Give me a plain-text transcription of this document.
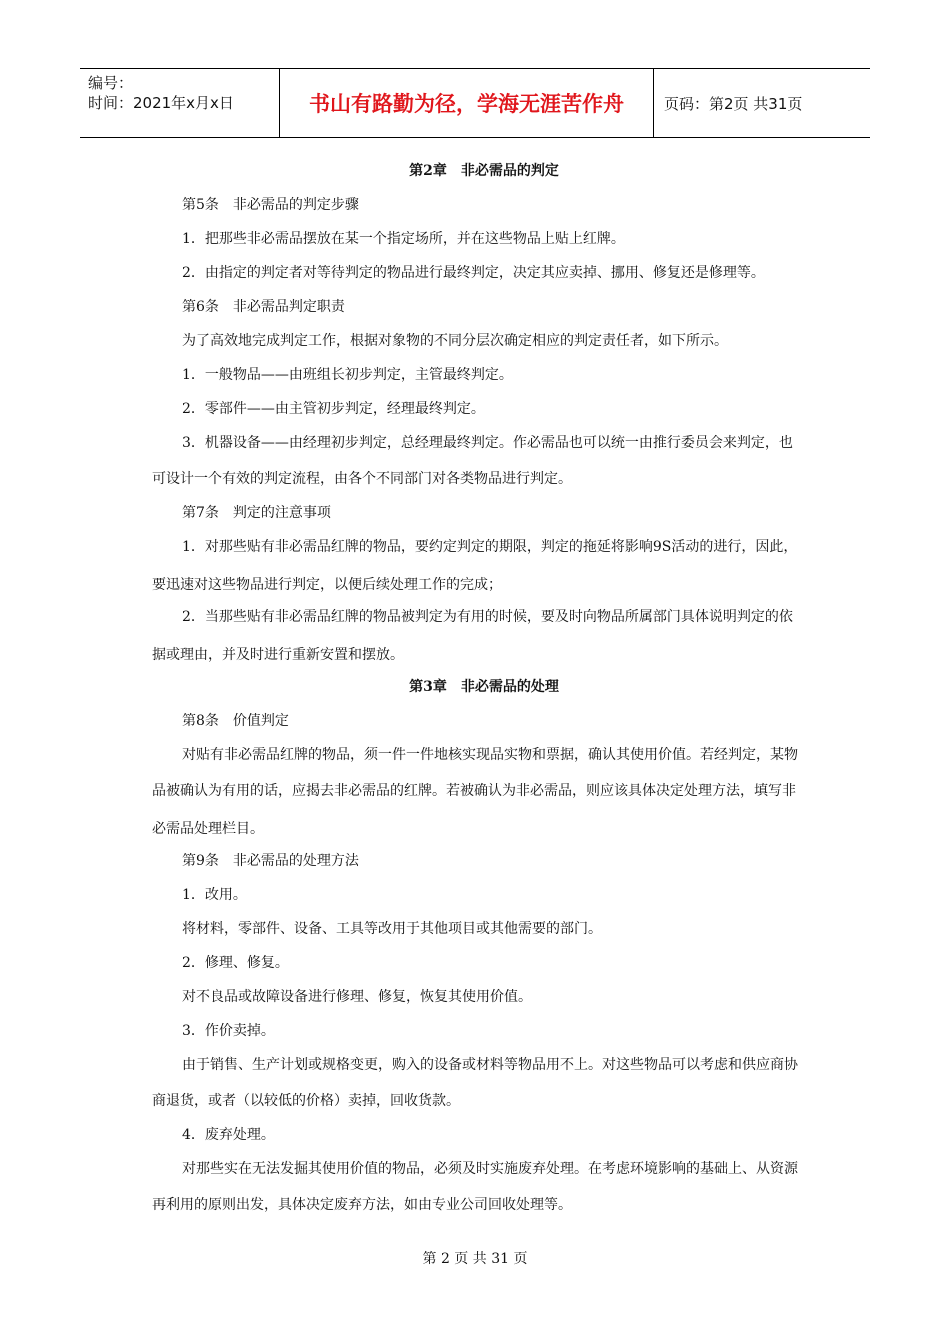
编号：
时间：2021年x月x日	书山有路勤为径，学海无涯苦作舟	页码：第2页 共31页
第2章　非必需品的判定
第5条　非必需品的判定步骤
1．把那些非必需品摆放在某一个指定场所，并在这些物品上贴上红牌。
2．由指定的判定者对等待判定的物品进行最终判定，决定其应卖掉、挪用、修复还是修理等。
第6条　非必需品判定职责
为了高效地完成判定工作，根据对象物的不同分层次确定相应的判定责任者，如下所示。
1．一般物品——由班组长初步判定，主管最终判定。
2．零部件——由主管初步判定，经理最终判定。
3．机器设备——由经理初步判定，总经理最终判定。作必需品也可以统一由推行委员会来判定，也
可设计一个有效的判定流程，由各个不同部门对各类物品进行判定。
第7条　判定的注意事项
1．对那些贴有非必需品红牌的物品，要约定判定的期限，判定的拖延将影响9S活动的进行，因此，
要迅速对这些物品进行判定，以便后续处理工作的完成；
2．当那些贴有非必需品红牌的物品被判定为有用的时候，要及时向物品所属部门具体说明判定的依
据或理由，并及时进行重新安置和摆放。
第3章　非必需品的处理
第8条　价值判定
对贴有非必需品红牌的物品，须一件一件地核实现品实物和票据，确认其使用价值。若经判定，某物
品被确认为有用的话，应揭去非必需品的红牌。若被确认为非必需品，则应该具体决定处理方法，填写非
必需品处理栏目。
第9条　非必需品的处理方法
1．改用。
将材料，零部件、设备、工具等改用于其他项目或其他需要的部门。
2．修理、修复。
对不良品或故障设备进行修理、修复，恢复其使用价值。
3．作价卖掉。
由于销售、生产计划或规格变更，购入的设备或材料等物品用不上。对这些物品可以考虑和供应商协
商退货，或者（以较低的价格）卖掉，回收货款。
4．废弃处理。
对那些实在无法发掘其使用价值的物品，必须及时实施废弃处理。在考虑环境影响的基础上、从资源
再利用的原则出发，具体决定废弃方法，如由专业公司回收处理等。
第 2 页 共 31 页
